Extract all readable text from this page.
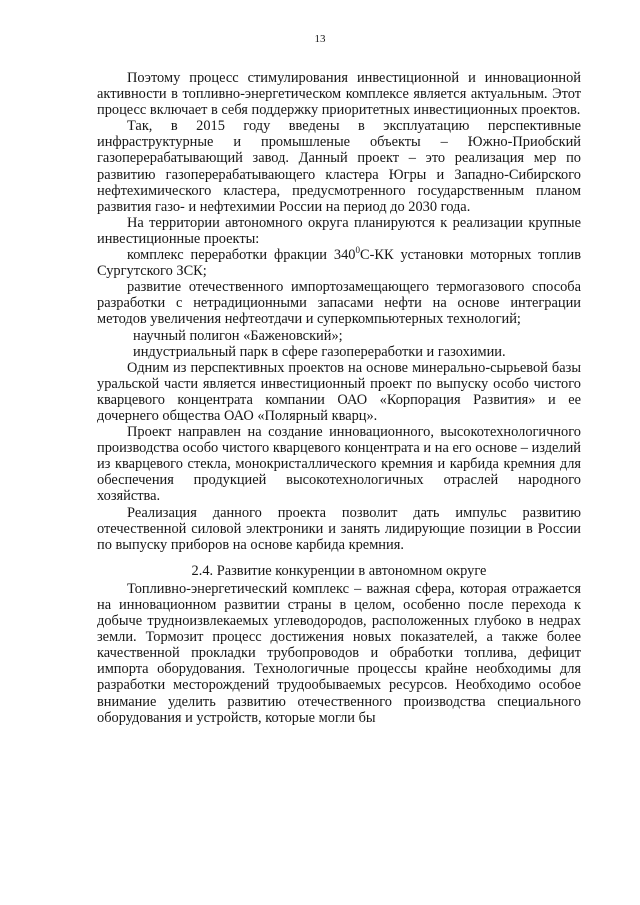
13

Поэтому процесс стимулирования инвестиционной и инновационной активности в топливно-энергетическом комплексе является актуальным. Этот процесс включает в себя поддержку приоритетных инвестиционных проектов.

Так, в 2015 году введены в эксплуатацию перспективные инфраструктурные и промышленые объекты – Южно-Приобский газоперерабатывающий завод. Данный проект – это реализация мер по развитию газоперерабатывающего кластера Югры и Западно-Сибирского нефтехимического кластера, предусмотренного государственным планом развития газо- и нефтехимии России на период до 2030 года.

На территории автономного округа планируются к реализации крупные инвестиционные проекты:

комплекс переработки фракции $340^0С-КК$ установки моторных топлив Сургутского ЗСК;

развитие отечественного импортозамещающего термогазового способа разработки с нетрадиционными запасами нефти на основе интеграции методов увеличения нефтеотдачи и суперкомпьютерных технологий;

научный полигон «Баженовский»;

индустриальный парк в сфере газопереработки и газохимии.

Одним из перспективных проектов на основе минерально-сырьевой базы уральской части является инвестиционный проект по выпуску особо чистого кварцевого концентрата компании ОАО «Корпорация Развития» и ее дочернего общества ОАО «Полярный кварц».

Проект направлен на создание инновационного, высокотехнологичного производства особо чистого кварцевого концентрата и на его основе – изделий из кварцевого стекла, монокристаллического кремния и карбида кремния для обеспечения продукцией высокотехнологичных отраслей народного хозяйства.

Реализация данного проекта позволит дать импульс развитию отечественной силовой электроники и занять лидирующие позиции в России по выпуску приборов на основе карбида кремния.

2.4. Развитие конкуренции в автономном округе

Топливно-энергетический комплекс – важная сфера, которая отражается на инновационном развитии страны в целом, особенно после перехода к добыче трудноизвлекаемых углеводородов, расположенных глубоко в недрах земли. Тормозит процесс достижения новых показателей, а также более качественной прокладки трубопроводов и обработки топлива, дефицит импорта оборудования. Технологичные процессы крайне необходимы для разработки месторождений трудообываемых ресурсов. Необходимо особое внимание уделить развитию отечественного производства специального оборудования и устройств, которые могли бы
